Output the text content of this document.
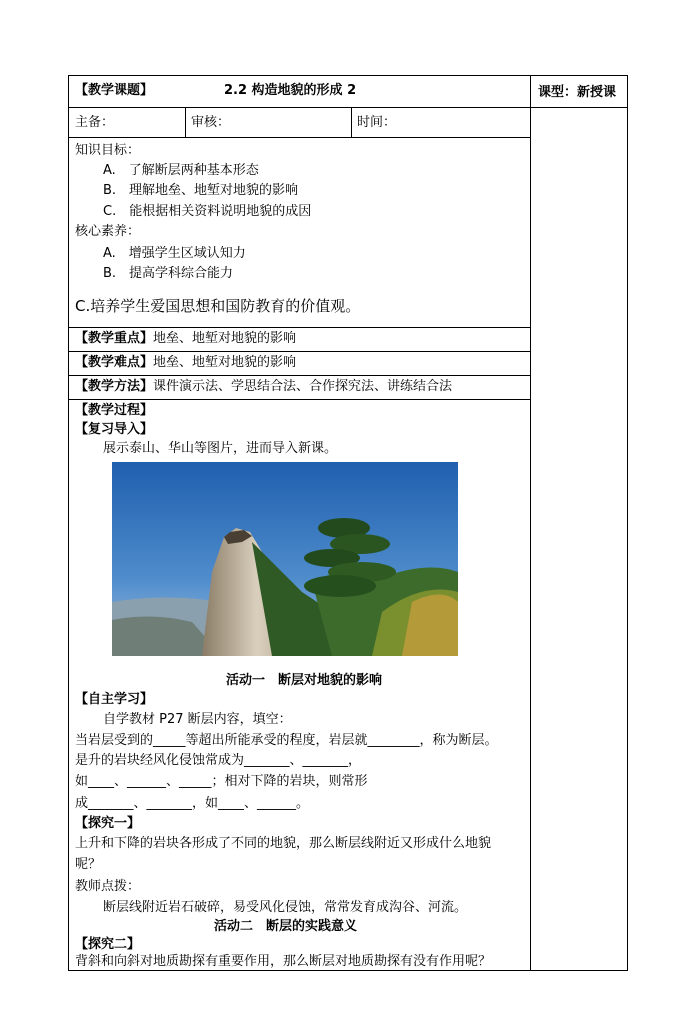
【教学课题】	2.2 构造地貌的形成 2	课型：新授课
主备：	审核：	时间：
知识目标：
A.　了解断层两种基本形态
B.　理解地垒、地堑对地貌的影响
C.　能根据相关资料说明地貌的成因
核心素养：
A.　增强学生区域认知力
B.　提高学科综合能力
C.培养学生爱国思想和国防教育的价值观。
【教学重点】地垒、地堑对地貌的影响
【教学难点】地垒、地堑对地貌的影响
【教学方法】课件演示法、学思结合法、合作探究法、讲练结合法
【教学过程】
【复习导入】
展示泰山、华山等图片，进而导入新课。
活动一　断层对地貌的影响
【自主学习】
自学教材 P27 断层内容，填空：
当岩层受到的_____等超出所能承受的程度，岩层就________，称为断层。
是升的岩块经风化侵蚀常成为_______、_______，
如____、______、_____；相对下降的岩块，则常形
成_______、_______，如____、______。
【探究一】
上升和下降的岩块各形成了不同的地貌，那么断层线附近又形成什么地貌
呢？
教师点拨：
断层线附近岩石破碎，易受风化侵蚀，常常发育成沟谷、河流。
活动二　断层的实践意义
【探究二】
背斜和向斜对地质勘探有重要作用，那么断层对地质勘探有没有作用呢？
